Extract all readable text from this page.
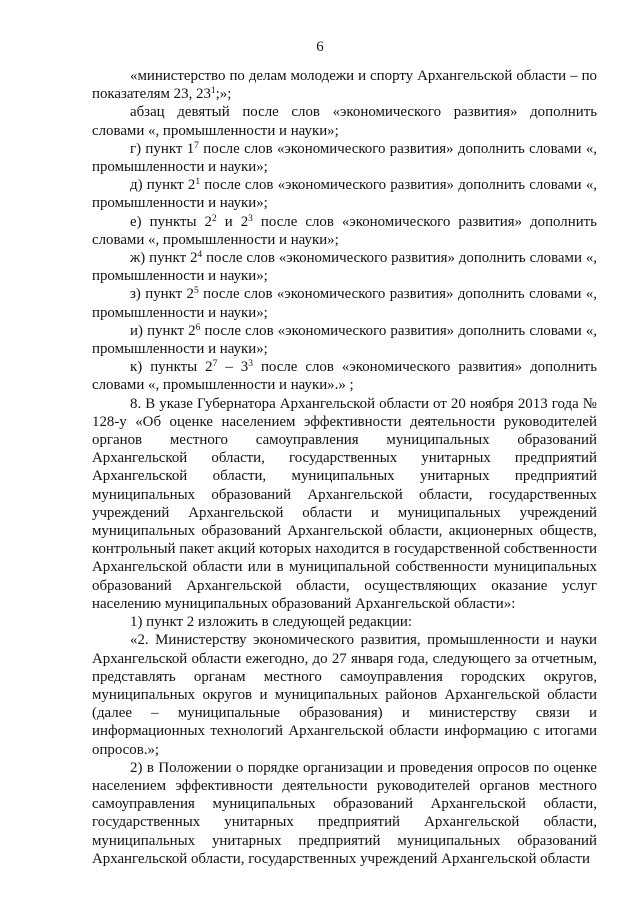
6

«министерство по делам молодежи и спорту Архангельской области – по показателям 23, $23^1$;»;

абзац девятый после слов «экономического развития» дополнить словами «, промышленности и науки»;

г) пункт $1^7$ после слов «экономического развития» дополнить словами «, промышленности и науки»;

д) пункт $2^1$ после слов «экономического развития» дополнить словами «, промышленности и науки»;

е) пункты $2^2$ и $2^3$ после слов «экономического развития» дополнить словами «, промышленности и науки»;

ж) пункт $2^4$ после слов «экономического развития» дополнить словами «, промышленности и науки»;

з) пункт $2^5$ после слов «экономического развития» дополнить словами «, промышленности и науки»;

и) пункт $2^6$ после слов «экономического развития» дополнить словами «, промышленности и науки»;

к) пункты $2^7 - 3^3$ после слов «экономического развития» дополнить словами «, промышленности и науки».» ;

8. В указе Губернатора Архангельской области от 20 ноября 2013 года № 128-у «Об оценке населением эффективности деятельности руководителей органов местного самоуправления муниципальных образований Архангельской области, государственных унитарных предприятий Архангельской области, муниципальных унитарных предприятий муниципальных образований Архангельской области, государственных учреждений Архангельской области и муниципальных учреждений муниципальных образований Архангельской области, акционерных обществ, контрольный пакет акций которых находится в государственной собственности Архангельской области или в муниципальной собственности муниципальных образований Архангельской области, осуществляющих оказание услуг населению муниципальных образований Архангельской области»:

1) пункт 2 изложить в следующей редакции:

«2. Министерству экономического развития, промышленности и науки Архангельской области ежегодно, до 27 января года, следующего за отчетным, представлять органам местного самоуправления городских округов, муниципальных округов и муниципальных районов Архангельской области (далее – муниципальные образования) и министерству связи и информационных технологий Архангельской области информацию с итогами опросов.»;

2) в Положении о порядке организации и проведения опросов по оценке населением эффективности деятельности руководителей органов местного самоуправления муниципальных образований Архангельской области, государственных унитарных предприятий Архангельской области, муниципальных унитарных предприятий муниципальных образований Архангельской области, государственных учреждений Архангельской области
